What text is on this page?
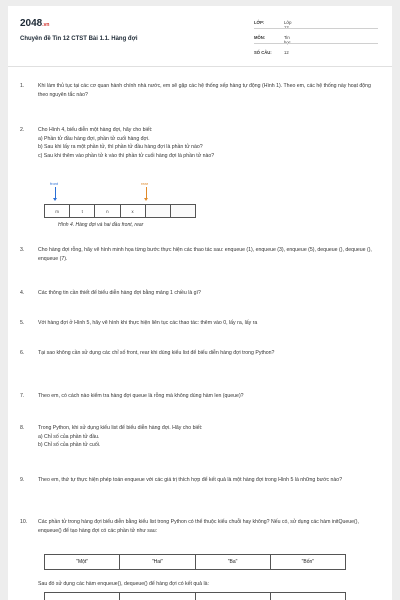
2048.vn
Chuyên đề Tin 12 CTST Bài 1.1. Hàng đợi
LỚP:	Lớp 12
MÔN:	Tin học
SỐ CÂU:	12
1.	Khi làm thủ tục tại các cơ quan hành chính nhà nước, em sẽ gặp các hệ thống xếp hàng tự động (Hình 1). Theo em, các hệ thống này hoạt động theo nguyên tắc nào?
2.	Cho Hình 4, biểu diễn một hàng đợi, hãy cho biết:
a) Phần tử đầu hàng đợi, phần tử cuối hàng đợi.
b) Sau khi lấy ra một phần tử, thì phần tử đầu hàng đợi là phần tử nào?
c) Sau khi thêm vào phần tử k vào thì phần tử cuối hàng đợi là phần tử nào?
front	rear
m	t	n	x
Hình 4. Hàng đợi và hai đầu front, rear
3.	Cho hàng đợi rỗng, hãy vẽ hình minh họa từng bước thực hiện các thao tác sau: enqueue (1), enqueue (3), enqueue (5), dequeue (), dequeue (), enqueue (7).
4.	Các thông tin cần thiết để biểu diễn hàng đợi bằng mảng 1 chiều là gì?
5.	Với hàng đợi ở Hình 5, hãy vẽ hình khi thực hiện liên tục các thao tác: thêm vào 0, lấy ra, lấy ra
6.	Tại sao không cần sử dụng các chỉ số front, rear khi dùng kiểu list để biểu diễn hàng đợi trong Python?
7.	Theo em, có cách nào kiểm tra hàng đợi queue là rỗng mà không dùng hàm len (queue)?
8.	Trong Python, khi sử dụng kiểu list để biểu diễn hàng đợi. Hãy cho biết:
a) Chỉ số của phần tử đầu.
b) Chỉ số của phần tử cuối.
9.	Theo em, thứ tự thực hiện phép toán enqueue với các giá trị thích hợp để kết quả là một hàng đợi trong Hình 5 là những bước nào?
10. Các phần tử trong hàng đợi biểu diễn bằng kiểu list trong Python có thể thuộc kiểu chuỗi hay không? Nếu có, sử dụng các hàm initQueue(), enqueue() để tạo hàng đợi có các phần tử như sau:
"Một"	"Hai"	"Ba"	"Bốn"
Sau đó sử dụng các hàm enqueue(), dequeue() để hàng đợi có kết quả là:
